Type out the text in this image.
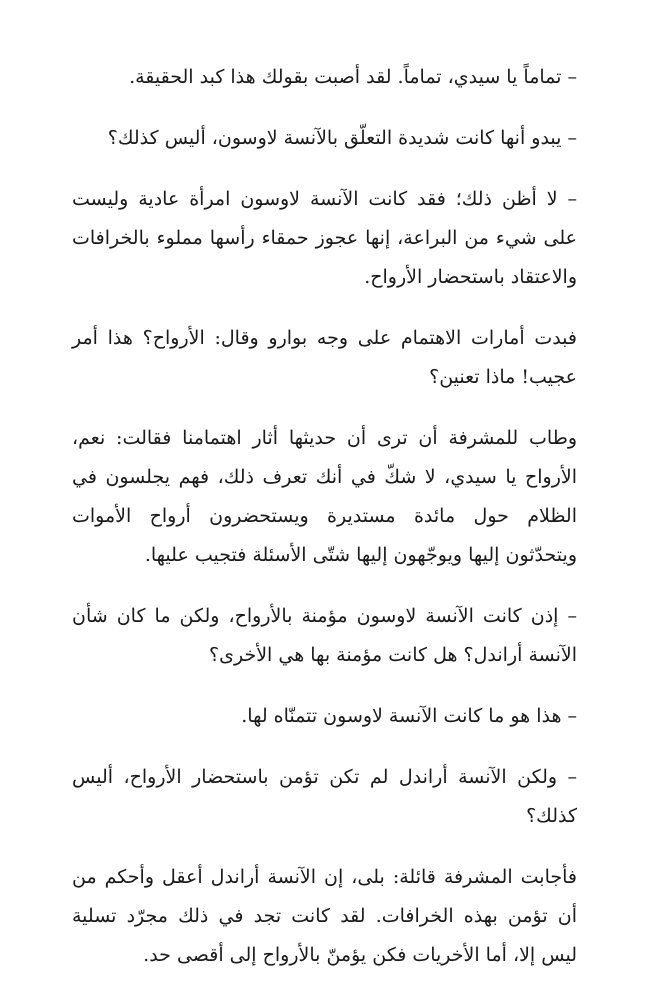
– تماماً يا سيدي، تماماً. لقد أصبت بقولك هذا كبد الحقيقة.

– يبدو أنها كانت شديدة التعلّق بالآنسة لاوسون، أليس كذلك؟

– لا أظن ذلك؛ فقد كانت الآنسة لاوسون امرأة عادية وليست على شيء من البراعة، إنها عجوز حمقاء رأسها مملوء بالخرافات والاعتقاد باستحضار الأرواح.

فبدت أمارات الاهتمام على وجه بوارو وقال: الأرواح؟ هذا أمر عجيب! ماذا تعنين؟

وطاب للمشرفة أن ترى أن حديثها أثار اهتمامنا فقالت: نعم، الأرواح يا سيدي، لا شكّ في أنك تعرف ذلك، فهم يجلسون في الظلام حول مائدة مستديرة ويستحضرون أرواح الأموات ويتحدّثون إليها ويوجّهون إليها شتّى الأسئلة فتجيب عليها.

– إذن كانت الآنسة لاوسون مؤمنة بالأرواح، ولكن ما كان شأن الآنسة أراندل؟ هل كانت مؤمنة بها هي الأخرى؟

– هذا هو ما كانت الآنسة لاوسون تتمنّاه لها.

– ولكن الآنسة أراندل لم تكن تؤمن باستحضار الأرواح، أليس كذلك؟

فأجابت المشرفة قائلة: بلى، إن الآنسة أراندل أعقل وأحكم من أن تؤمن بهذه الخرافات. لقد كانت تجد في ذلك مجرّد تسلية ليس إلا، أما الأخريات فكن يؤمنّ بالأرواح إلى أقصى حد.
